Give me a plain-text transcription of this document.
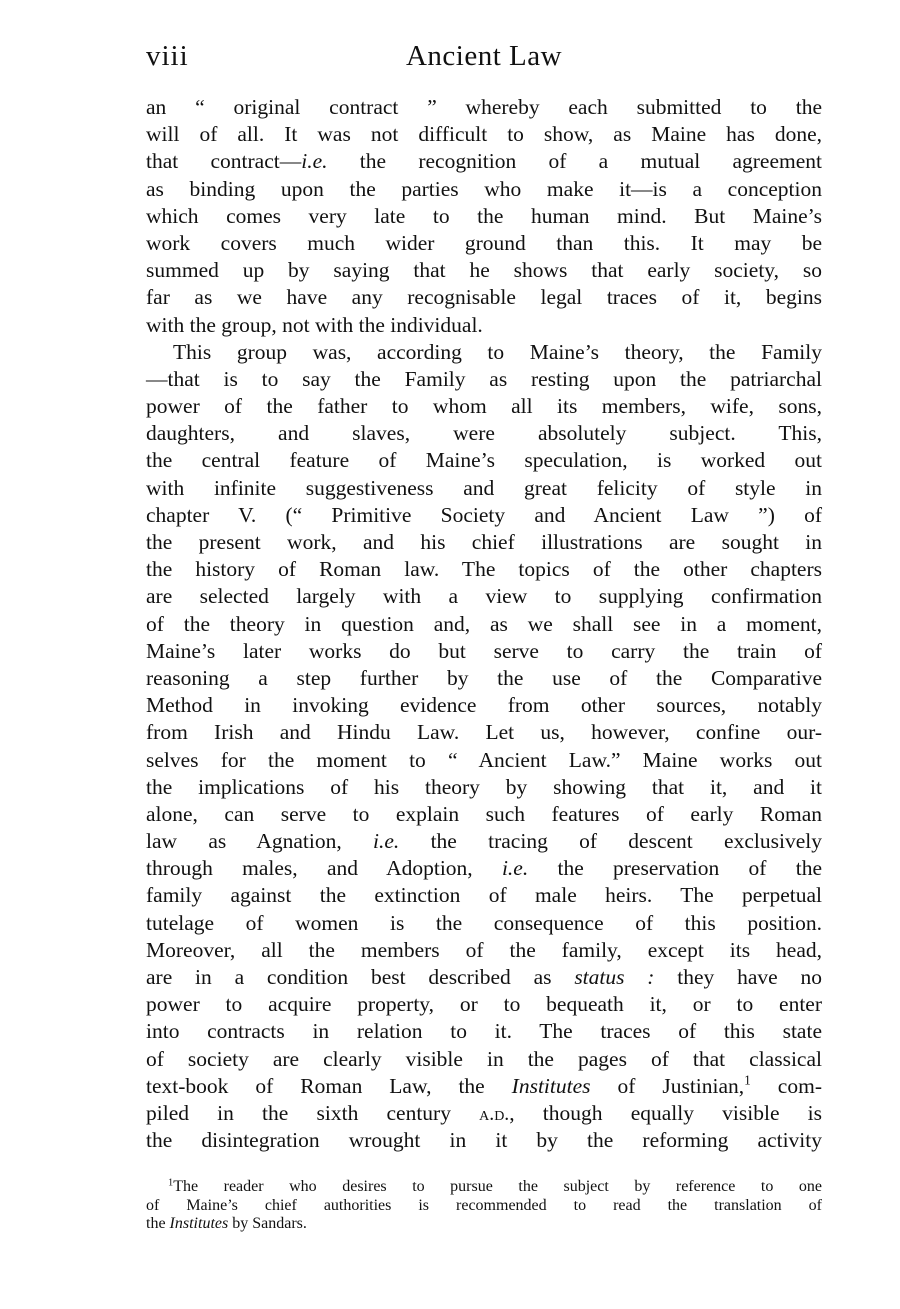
viii	Ancient Law
an “ original contract ” whereby each submitted to the
will of all. It was not difficult to show, as Maine has done,
that contract—i.e. the recognition of a mutual agreement
as binding upon the parties who make it—is a conception
which comes very late to the human mind. But Maine’s
work covers much wider ground than this. It may be
summed up by saying that he shows that early society, so
far as we have any recognisable legal traces of it, begins
with the group, not with the individual.
This group was, according to Maine’s theory, the Family
—that is to say the Family as resting upon the patriarchal
power of the father to whom all its members, wife, sons,
daughters, and slaves, were absolutely subject. This,
the central feature of Maine’s speculation, is worked out
with infinite suggestiveness and great felicity of style in
chapter V. (“ Primitive Society and Ancient Law ”) of
the present work, and his chief illustrations are sought in
the history of Roman law. The topics of the other chapters
are selected largely with a view to supplying confirmation
of the theory in question and, as we shall see in a moment,
Maine’s later works do but serve to carry the train of
reasoning a step further by the use of the Comparative
Method in invoking evidence from other sources, notably
from Irish and Hindu Law. Let us, however, confine our-
selves for the moment to “ Ancient Law.” Maine works out
the implications of his theory by showing that it, and it
alone, can serve to explain such features of early Roman
law as Agnation, i.e. the tracing of descent exclusively
through males, and Adoption, i.e. the preservation of the
family against the extinction of male heirs. The perpetual
tutelage of women is the consequence of this position.
Moreover, all the members of the family, except its head,
are in a condition best described as status : they have no
power to acquire property, or to bequeath it, or to enter
into contracts in relation to it. The traces of this state
of society are clearly visible in the pages of that classical
text-book of Roman Law, the Institutes of Justinian,$^1$ com-
piled in the sixth century a.d., though equally visible is
the disintegration wrought in it by the reforming activity
$^1$The reader who desires to pursue the subject by reference to one
of Maine’s chief authorities is recommended to read the translation of
the Institutes by Sandars.
